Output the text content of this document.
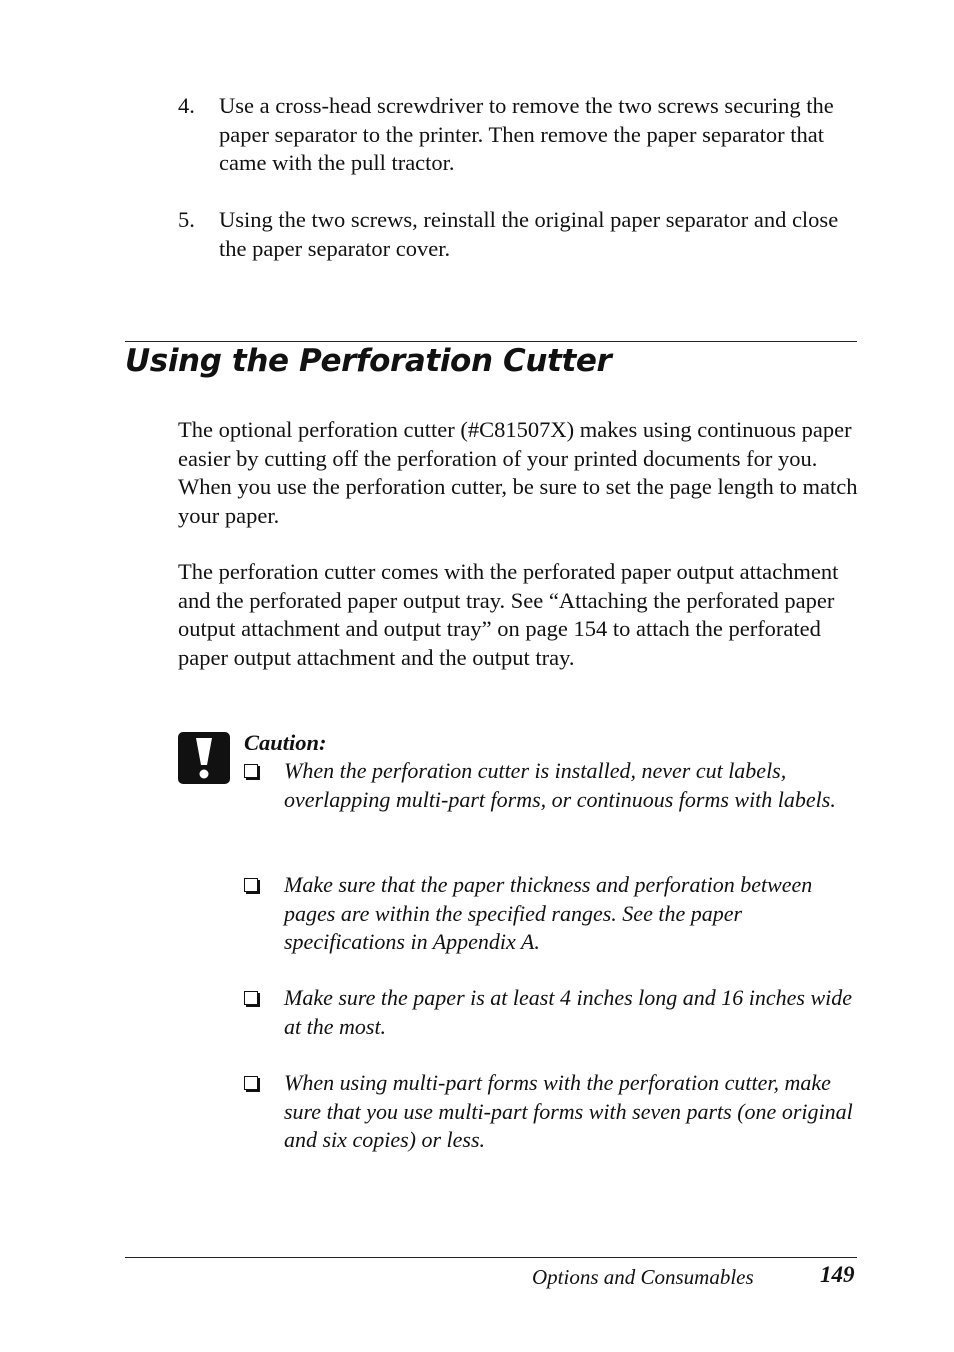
4. Use a cross-head screwdriver to remove the two screws securing the paper separator to the printer. Then remove the paper separator that came with the pull tractor.
5. Using the two screws, reinstall the original paper separator and close the paper separator cover.
Using the Perforation Cutter

The optional perforation cutter (#C81507X) makes using continuous paper easier by cutting off the perforation of your printed documents for you. When you use the perforation cutter, be sure to set the page length to match your paper.

The perforation cutter comes with the perforated paper output attachment and the perforated paper output tray. See “Attaching the perforated paper output attachment and output tray” on page 154 to attach the perforated paper output attachment and the output tray.

Caution:
When the perforation cutter is installed, never cut labels, overlapping multi-part forms, or continuous forms with labels.
Make sure that the paper thickness and perforation between pages are within the specified ranges. See the paper specifications in Appendix A.
Make sure the paper is at least 4 inches long and 16 inches wide at the most.
When using multi-part forms with the perforation cutter, make sure that you use multi-part forms with seven parts (one original and six copies) or less.
Options and Consumables	149
